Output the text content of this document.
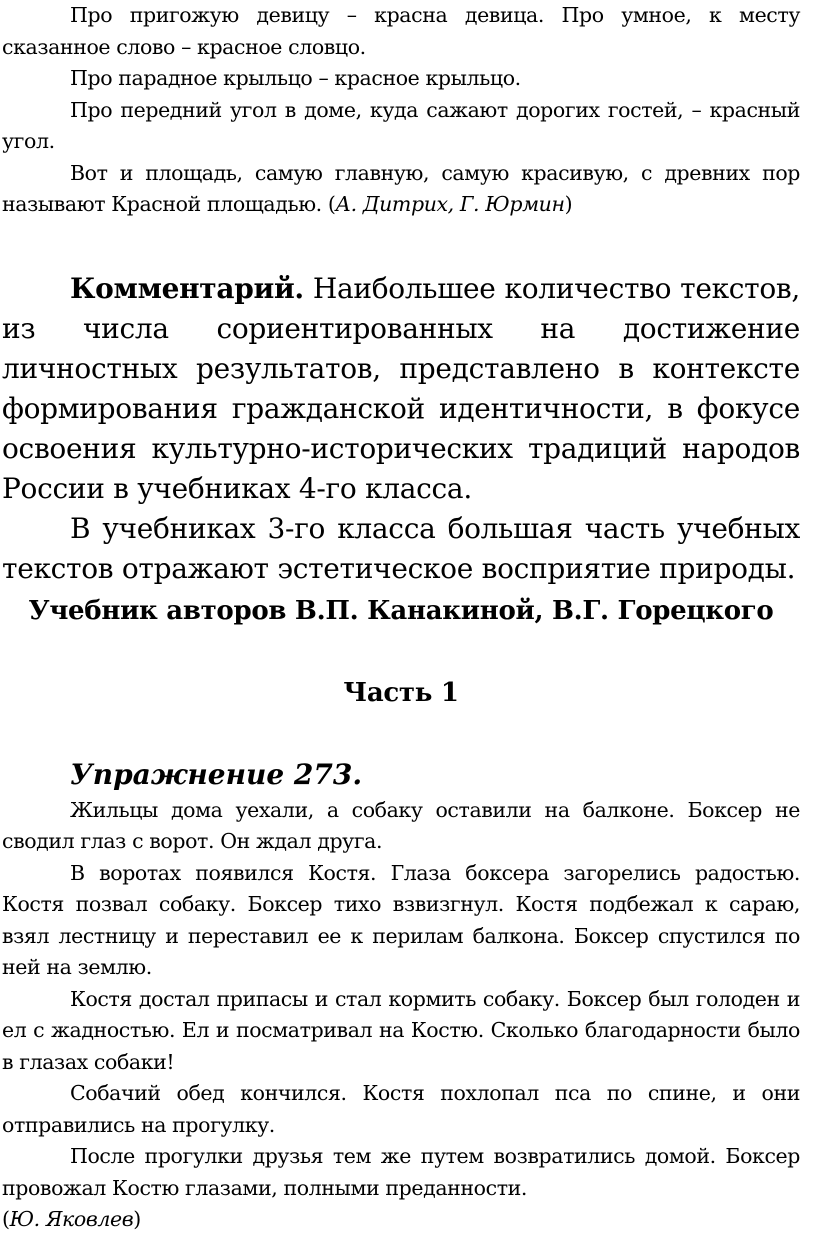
Про пригожую девицу – красна девица. Про умное, к месту сказанное слово – красное словцо.

Про парадное крыльцо – красное крыльцо.

Про передний угол в доме, куда сажают дорогих гостей, – красный угол.

Вот и площадь, самую главную, самую красивую, с древних пор называют Красной площадью. (А. Дитрих, Г. Юрмин)

Комментарий. Наибольшее количество текстов, из числа сориентированных на достижение личностных результатов, представлено в контексте формирования гражданской идентичности, в фокусе освоения культурно-исторических традиций народов России в учебниках 4-го класса.

В учебниках 3-го класса большая часть учебных текстов отражают эстетическое восприятие природы.

Учебник авторов В.П. Канакиной, В.Г. Горецкого

Часть 1

Упражнение 273.

Жильцы дома уехали, а собаку оставили на балконе. Боксер не сводил глаз с ворот. Он ждал друга.

В воротах появился Костя. Глаза боксера загорелись радостью. Костя позвал собаку. Боксер тихо взвизгнул. Костя подбежал к сараю, взял лестницу и переставил ее к перилам балкона. Боксер спустился по ней на землю.

Костя достал припасы и стал кормить собаку. Боксер был голоден и ел с жадностью. Ел и посматривал на Костю. Сколько благодарности было в глазах собаки!

Собачий обед кончился. Костя похлопал пса по спине, и они отправились на прогулку.

После прогулки друзья тем же путем возвратились домой. Боксер провожал Костю глазами, полными преданности.

(Ю. Яковлев)
